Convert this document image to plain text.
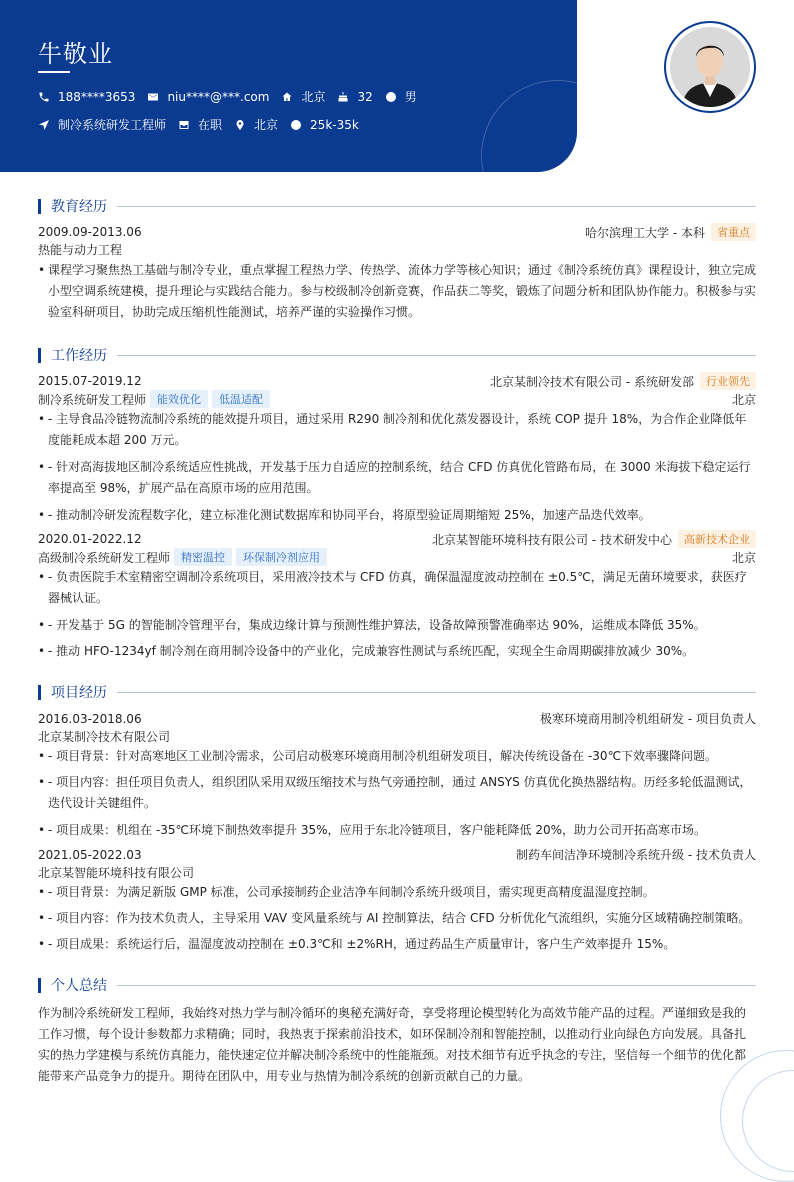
牛敬业
188****3653	niu****@***.com	北京	32	男
制冷系统研发工程师	在职	北京	25k-35k
教育经历
2009.09-2013.06	哈尔滨理工大学 - 本科	省重点
热能与动力工程
• 课程学习聚焦热工基础与制冷专业，重点掌握工程热力学、传热学、流体力学等核心知识；通过《制冷系统仿真》课程设计，独立完成小型空调系统建模，提升理论与实践结合能力。参与校级制冷创新竞赛，作品获二等奖，锻炼了问题分析和团队协作能力。积极参与实验室科研项目，协助完成压缩机性能测试，培养严谨的实验操作习惯。
工作经历
2015.07-2019.12	北京某制冷技术有限公司 - 系统研发部	行业领先
制冷系统研发工程师	能效优化	低温适配	北京
• - 主导食品冷链物流制冷系统的能效提升项目，通过采用 R290 制冷剂和优化蒸发器设计，系统 COP 提升 18%，为合作企业降低年度能耗成本超 200 万元。
• - 针对高海拔地区制冷系统适应性挑战，开发基于压力自适应的控制系统，结合 CFD 仿真优化管路布局，在 3000 米海拔下稳定运行率提高至 98%，扩展产品在高原市场的应用范围。
• - 推动制冷研发流程数字化，建立标准化测试数据库和协同平台，将原型验证周期缩短 25%，加速产品迭代效率。
2020.01-2022.12	北京某智能环境科技有限公司 - 技术研发中心	高新技术企业
高级制冷系统研发工程师	精密温控	环保制冷剂应用	北京
• - 负责医院手术室精密空调制冷系统项目，采用液冷技术与 CFD 仿真，确保温湿度波动控制在 ±0.5℃，满足无菌环境要求，获医疗器械认证。
• - 开发基于 5G 的智能制冷管理平台，集成边缘计算与预测性维护算法，设备故障预警准确率达 90%，运维成本降低 35%。
• - 推动 HFO-1234yf 制冷剂在商用制冷设备中的产业化，完成兼容性测试与系统匹配，实现全生命周期碳排放减少 30%。
项目经历
2016.03-2018.06	极寒环境商用制冷机组研发 - 项目负责人
北京某制冷技术有限公司
• - 项目背景：针对高寒地区工业制冷需求，公司启动极寒环境商用制冷机组研发项目，解决传统设备在 -30℃下效率骤降问题。
• - 项目内容：担任项目负责人，组织团队采用双级压缩技术与热气旁通控制，通过 ANSYS 仿真优化换热器结构。历经多轮低温测试，迭代设计关键组件。
• - 项目成果：机组在 -35℃环境下制热效率提升 35%，应用于东北冷链项目，客户能耗降低 20%，助力公司开拓高寒市场。
2021.05-2022.03	制药车间洁净环境制冷系统升级 - 技术负责人
北京某智能环境科技有限公司
• - 项目背景：为满足新版 GMP 标准，公司承接制药企业洁净车间制冷系统升级项目，需实现更高精度温湿度控制。
• - 项目内容：作为技术负责人，主导采用 VAV 变风量系统与 AI 控制算法，结合 CFD 分析优化气流组织，实施分区域精确控制策略。
• - 项目成果：系统运行后，温湿度波动控制在 ±0.3℃和 ±2%RH，通过药品生产质量审计，客户生产效率提升 15%。
个人总结
作为制冷系统研发工程师，我始终对热力学与制冷循环的奥秘充满好奇，享受将理论模型转化为高效节能产品的过程。严谨细致是我的工作习惯，每个设计参数都力求精确；同时，我热衷于探索前沿技术，如环保制冷剂和智能控制，以推动行业向绿色方向发展。具备扎实的热力学建模与系统仿真能力，能快速定位并解决制冷系统中的性能瓶颈。对技术细节有近乎执念的专注，坚信每一个细节的优化都能带来产品竞争力的提升。期待在团队中，用专业与热情为制冷系统的创新贡献自己的力量。
